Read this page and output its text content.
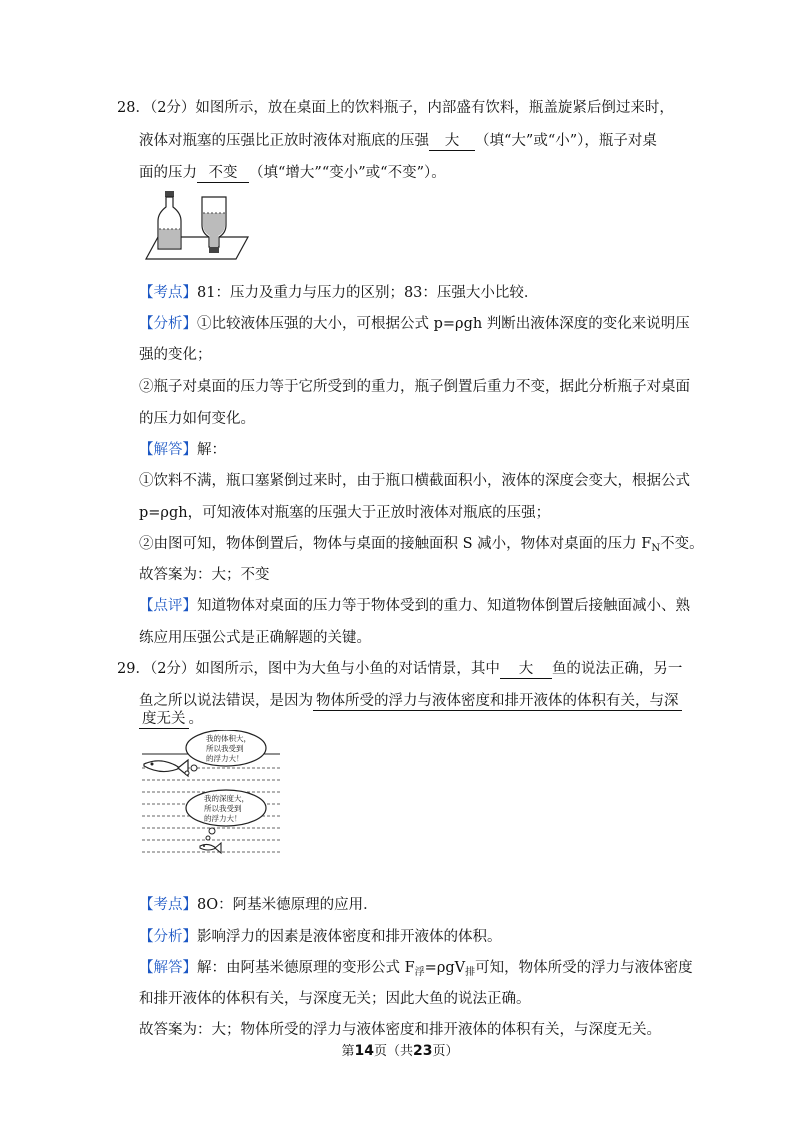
28．（2分）如图所示，放在桌面上的饮料瓶子，内部盛有饮料，瓶盖旋紧后倒过来时，
液体对瓶塞的压强比正放时液体对瓶底的压强 大 （填“大”或“小”），瓶子对桌
面的压力 不变 （填“增大”“变小”或“不变”）。
【考点】81：压力及重力与压力的区别；83：压强大小比较．
【分析】①比较液体压强的大小，可根据公式 p=ρgh 判断出液体深度的变化来说明压
强的变化；
②瓶子对桌面的压力等于它所受到的重力，瓶子倒置后重力不变，据此分析瓶子对桌面
的压力如何变化。
【解答】解：
①饮料不满，瓶口塞紧倒过来时，由于瓶口横截面积小，液体的深度会变大，根据公式
p=ρgh，可知液体对瓶塞的压强大于正放时液体对瓶底的压强；
②由图可知，物体倒置后，物体与桌面的接触面积 S 减小，物体对桌面的压力 $F_N$不变。
故答案为：大；不变
【点评】知道物体对桌面的压力等于物体受到的重力、知道物体倒置后接触面减小、熟
练应用压强公式是正确解题的关键。
29．（2分）如图所示，图中为大鱼与小鱼的对话情景，其中 大 鱼的说法正确，另一
鱼之所以说法错误，是因为 物体所受的浮力与液体密度和排开液体的体积有关，与深
度无关 。
我的体积大，
所以我受到
的浮力大！
我的深度大，
所以我受到
的浮力大！
【考点】8O：阿基米德原理的应用．
【分析】影响浮力的因素是液体密度和排开液体的体积。
【解答】解：由阿基米德原理的变形公式 $F_浮=\rho gV_排$可知，物体所受的浮力与液体密度
和排开液体的体积有关，与深度无关；因此大鱼的说法正确。
故答案为：大；物体所受的浮力与液体密度和排开液体的体积有关，与深度无关。
第14页（共23页）
